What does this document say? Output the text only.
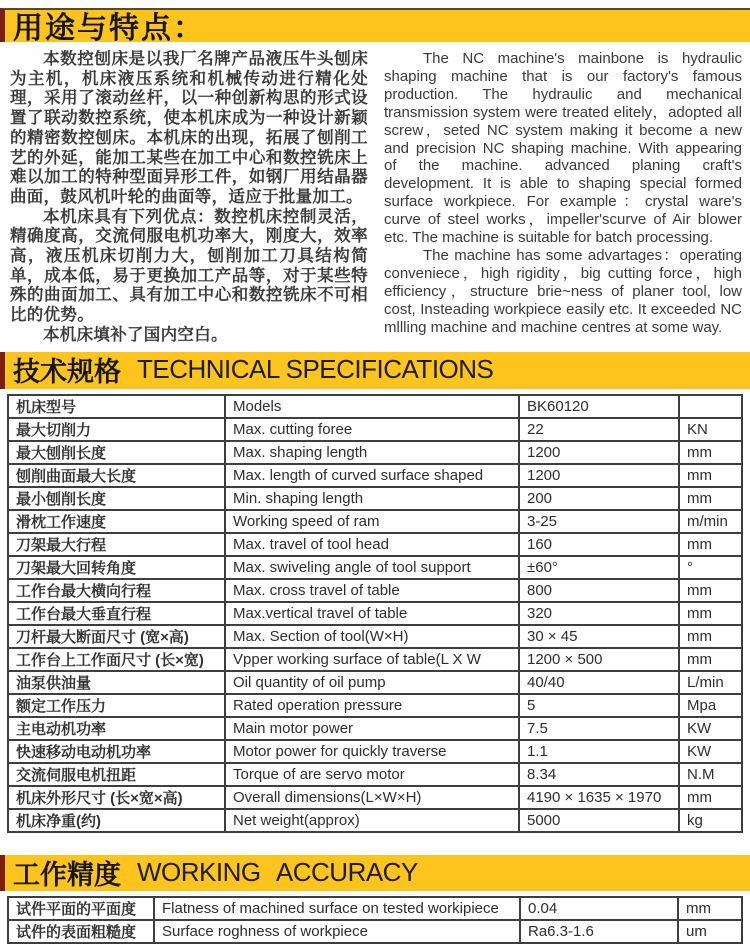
用途与特点：

本数控刨床是以我厂名牌产品液压牛头刨床为主机，机床液压系统和机械传动进行精化处理，采用了滚动丝杆，以一种创新构思的形式设置了联动数控系统，使本机床成为一种设计新颖的精密数控刨床。本机床的出现，拓展了刨削工艺的外延，能加工某些在加工中心和数控铣床上难以加工的特种型面异形工件，如钢厂用结晶器曲面，鼓风机叶轮的曲面等，适应于批量加工。

本机床具有下列优点：数控机床控制灵活，精确度高，交流伺服电机功率大，刚度大，效率高，液压机床切削力大，刨削加工刀具结构简单，成本低，易于更换加工产品等，对于某些特殊的曲面加工、具有加工中心和数控铣床不可相比的优势。

本机床填补了国内空白。

The NC machine's mainbone is hydraulic shaping machine that is our factory's famous production. The hydraulic and mechanical transmission system were treated elitely，adopted all screw，seted NC system making it become a new and precision NC shaping machine. With appearing of the machine. advanced planing craft's development. It is able to shaping special formed surface workpiece. For example：crystal ware's curve of steel works，impeller'scurve of Air blower etc. The machine is suitable for batch processing.

The machine has some advartages：operating conveniece，high rigidity，big cutting force，high efficiency，structure brie~ness of planer tool, low cost, Insteading workpiece easily etc. It exceeded NC mllling machine and machine centres at some way.

技术规格 TECHNICAL SPECIFICATIONS
机床型号	Models	BK60120	
最大切削力	Max. cutting foree	22	KN
最大刨削长度	Max. shaping length	1200	mm
刨削曲面最大长度	Max. length of curved surface shaped	1200	mm
最小刨削长度	Min. shaping length	200	mm
滑枕工作速度	Working speed of ram	3-25	m/min
刀架最大行程	Max. travel of tool head	160	mm
刀架最大回转角度	Max. swiveling angle of tool support	±60°	°
工作台最大横向行程	Max. cross travel of table	800	mm
工作台最大垂直行程	Max.vertical travel of table	320	mm
刀杆最大断面尺寸 (宽×高)	Max. Section of tool(W×H)	30 × 45	mm
工作台上工作面尺寸 (长×宽)	Vpper working surface of table(L X W	1200 × 500	mm
油泵供油量	Oil quantity of oil pump	40/40	L/min
额定工作压力	Rated operation pressure	5	Mpa
主电动机功率	Main motor power	7.5	KW
快速移动电动机功率	Motor power for quickly traverse	1.1	KW
交流伺服电机扭距	Torque of are servo motor	8.34	N.M
机床外形尺寸 (长×宽×高)	Overall dimensions(L×W×H)	4190 × 1635 × 1970	mm
机床净重(约)	Net weight(approx)	5000	kg
工作精度 WORKING ACCURACY
试件平面的平面度	Flatness of machined surface on tested workipiece	0.04	mm
试件的表面粗糙度	Surface roghness of workpiece	Ra6.3-1.6	um
